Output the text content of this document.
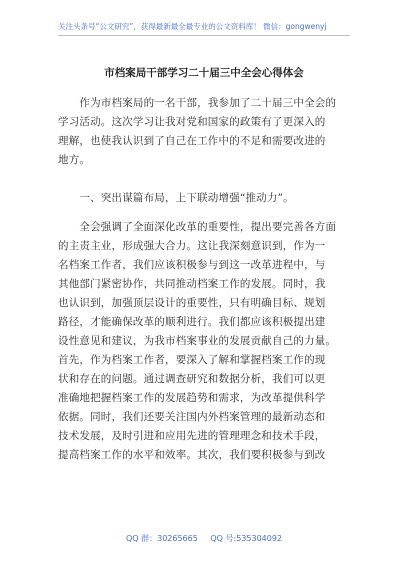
关注头条号“公文研究”，获得最新最全最专业的公文资料库！ 微信：gongwenyj
市档案局干部学习二十届三中全会心得体会
　　作为市档案局的一名干部，我参加了二十届三中全会的
学习活动。这次学习让我对党和国家的政策有了更深入的
理解，也使我认识到了自己在工作中的不足和需要改进的
地方。
　　一、突出谋篇布局，上下联动增强“推动力”。
　　全会强调了全面深化改革的重要性，提出要完善各方面
的主责主业，形成强大合力。这让我深刻意识到，作为一
名档案工作者，我们应该积极参与到这一改革进程中，与
其他部门紧密协作，共同推动档案工作的发展。同时，我
也认识到，加强顶层设计的重要性，只有明确目标、规划
路径，才能确保改革的顺利进行。我们都应该积极提出建
设性意见和建议，为我市档案事业的发展贡献自己的力量。
首先，作为档案工作者，要深入了解和掌握档案工作的现
状和存在的问题。通过调查研究和数据分析，我们可以更
准确地把握档案工作的发展趋势和需求，为改革提供科学
依据。同时，我们还要关注国内外档案管理的最新动态和
技术发展，及时引进和应用先进的管理理念和技术手段，
提高档案工作的水平和效率。其次，我们要积极参与到改
QQ 群：30265665 QQ 号:535304092
